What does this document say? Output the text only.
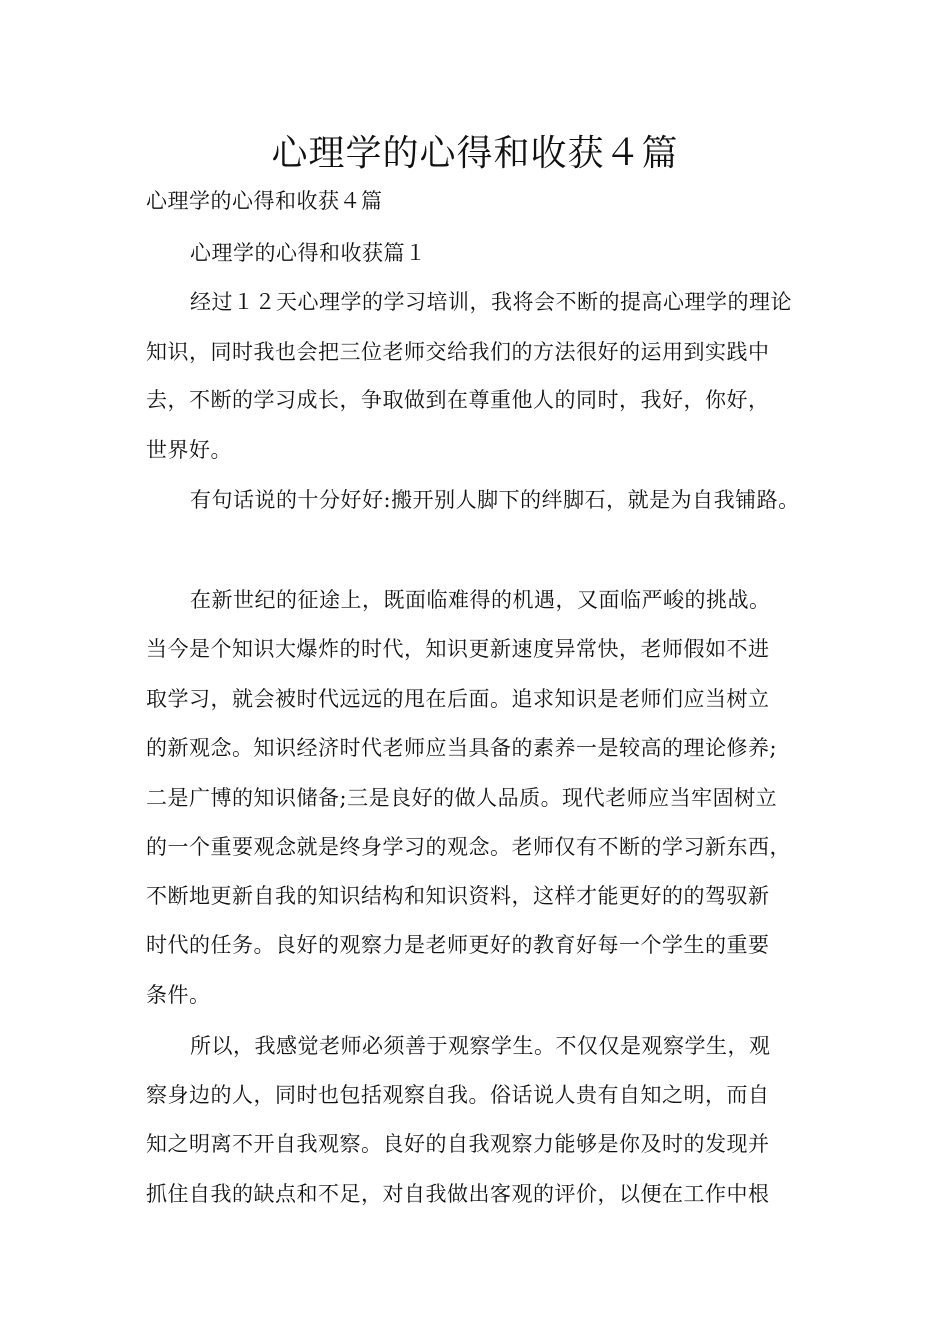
心理学的心得和收获４篇
心理学的心得和收获４篇
心理学的心得和收获篇１
经过１２天心理学的学习培训，我将会不断的提高心理学的理论
知识，同时我也会把三位老师交给我们的方法很好的运用到实践中
去，不断的学习成长，争取做到在尊重他人的同时，我好，你好，
世界好。
有句话说的十分好好:搬开别人脚下的绊脚石，就是为自我铺路。
在新世纪的征途上，既面临难得的机遇，又面临严峻的挑战。
当今是个知识大爆炸的时代，知识更新速度异常快，老师假如不进
取学习，就会被时代远远的甩在后面。追求知识是老师们应当树立
的新观念。知识经济时代老师应当具备的素养一是较高的理论修养;
二是广博的知识储备;三是良好的做人品质。现代老师应当牢固树立
的一个重要观念就是终身学习的观念。老师仅有不断的学习新东西，
不断地更新自我的知识结构和知识资料，这样才能更好的的驾驭新
时代的任务。良好的观察力是老师更好的教育好每一个学生的重要
条件。
所以，我感觉老师必须善于观察学生。不仅仅是观察学生，观
察身边的人，同时也包括观察自我。俗话说人贵有自知之明，而自
知之明离不开自我观察。良好的自我观察力能够是你及时的发现并
抓住自我的缺点和不足，对自我做出客观的评价，以便在工作中根
